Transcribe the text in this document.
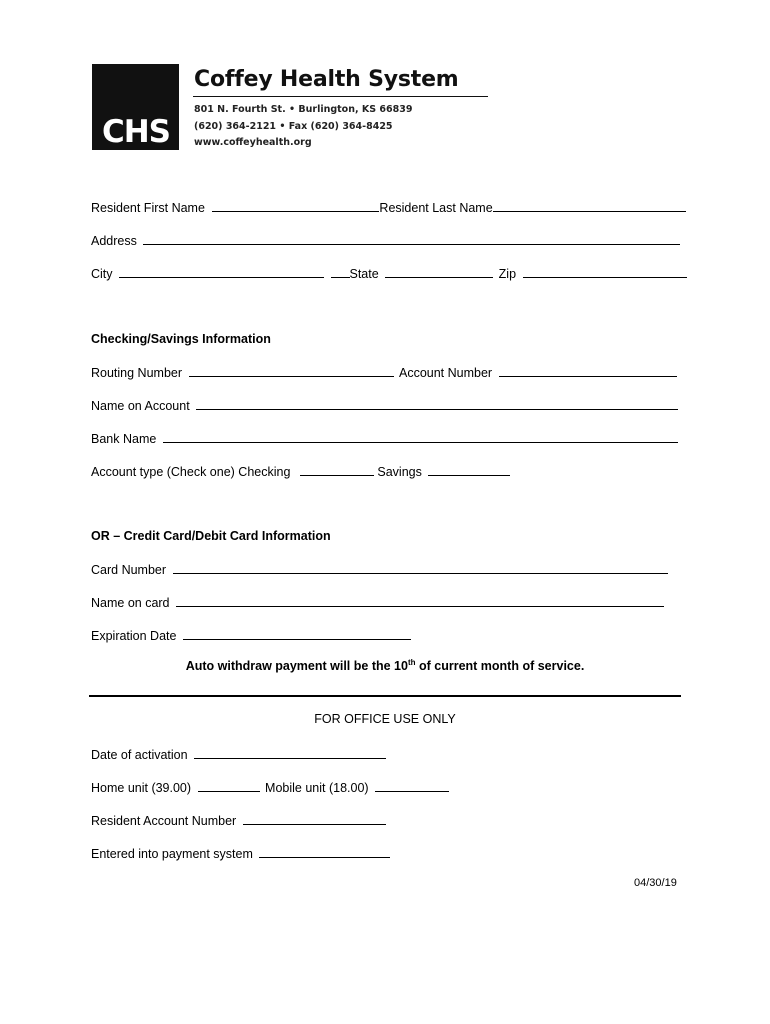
CHS
Coffey Health System
801 N. Fourth St. • Burlington, KS 66839
(620) 364-2121 • Fax (620) 364-8425
www.coffeyhealth.org
Resident First Name	Resident Last Name
Address
City	State	Zip
Checking/Savings Information
Routing Number	Account Number
Name on Account
Bank Name
Account type (Check one) Checking	Savings
OR – Credit Card/Debit Card Information
Card Number
Name on card
Expiration Date
Auto withdraw payment will be the 10th of current month of service.
FOR OFFICE USE ONLY
Date of activation
Home unit (39.00)	Mobile unit (18.00)
Resident Account Number
Entered into payment system
04/30/19
